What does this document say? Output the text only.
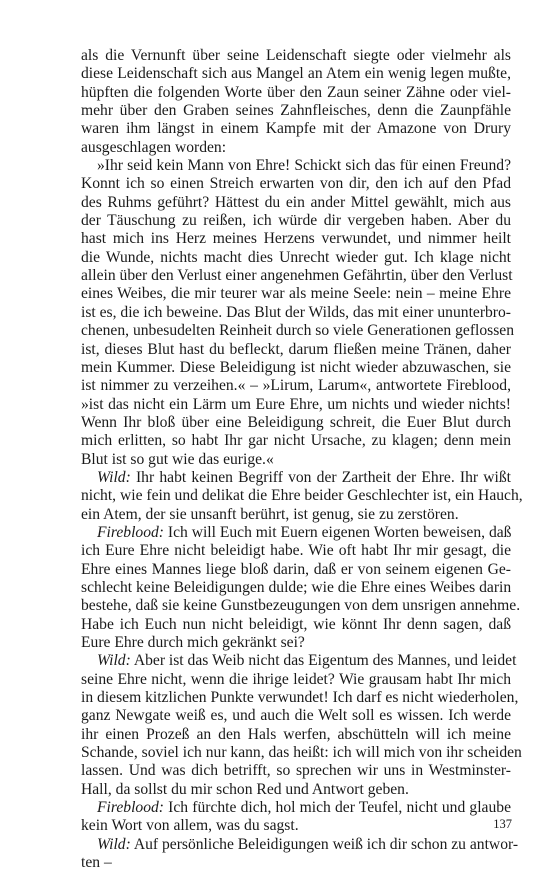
als die Vernunft über seine Leidenschaft siegte oder vielmehr als
diese Leidenschaft sich aus Mangel an Atem ein wenig legen mußte,
hüpften die folgenden Worte über den Zaun seiner Zähne oder viel-
mehr über den Graben seines Zahnfleisches, denn die Zaunpfähle
waren ihm längst in einem Kampfe mit der Amazone von Drury
ausgeschlagen worden:
»Ihr seid kein Mann von Ehre! Schickt sich das für einen Freund?
Konnt ich so einen Streich erwarten von dir, den ich auf den Pfad
des Ruhms geführt? Hättest du ein ander Mittel gewählt, mich aus
der Täuschung zu reißen, ich würde dir vergeben haben. Aber du
hast mich ins Herz meines Herzens verwundet, und nimmer heilt
die Wunde, nichts macht dies Unrecht wieder gut. Ich klage nicht
allein über den Verlust einer angenehmen Gefährtin, über den Verlust
eines Weibes, die mir teurer war als meine Seele: nein – meine Ehre
ist es, die ich beweine. Das Blut der Wilds, das mit einer ununterbro-
chenen, unbesudelten Reinheit durch so viele Generationen geflossen
ist, dieses Blut hast du befleckt, darum fließen meine Tränen, daher
mein Kummer. Diese Beleidigung ist nicht wieder abzuwaschen, sie
ist nimmer zu verzeihen.« – »Lirum, Larum«, antwortete Fireblood,
»ist das nicht ein Lärm um Eure Ehre, um nichts und wieder nichts!
Wenn Ihr bloß über eine Beleidigung schreit, die Euer Blut durch
mich erlitten, so habt Ihr gar nicht Ursache, zu klagen; denn mein
Blut ist so gut wie das eurige.«
Wild: Ihr habt keinen Begriff von der Zartheit der Ehre. Ihr wißt
nicht, wie fein und delikat die Ehre beider Geschlechter ist, ein Hauch,
ein Atem, der sie unsanft berührt, ist genug, sie zu zerstören.
Fireblood: Ich will Euch mit Euern eigenen Worten beweisen, daß
ich Eure Ehre nicht beleidigt habe. Wie oft habt Ihr mir gesagt, die
Ehre eines Mannes liege bloß darin, daß er von seinem eigenen Ge-
schlecht keine Beleidigungen dulde; wie die Ehre eines Weibes darin
bestehe, daß sie keine Gunstbezeugungen von dem unsrigen annehme.
Habe ich Euch nun nicht beleidigt, wie könnt Ihr denn sagen, daß
Eure Ehre durch mich gekränkt sei?
Wild: Aber ist das Weib nicht das Eigentum des Mannes, und leidet
seine Ehre nicht, wenn die ihrige leidet? Wie grausam habt Ihr mich
in diesem kitzlichen Punkte verwundet! Ich darf es nicht wiederholen,
ganz Newgate weiß es, und auch die Welt soll es wissen. Ich werde
ihr einen Prozeß an den Hals werfen, abschütteln will ich meine
Schande, soviel ich nur kann, das heißt: ich will mich von ihr scheiden
lassen. Und was dich betrifft, so sprechen wir uns in Westminster-
Hall, da sollst du mir schon Red und Antwort geben.
Fireblood: Ich fürchte dich, hol mich der Teufel, nicht und glaube
kein Wort von allem, was du sagst.
Wild: Auf persönliche Beleidigungen weiß ich dir schon zu antwor-
ten –
137
